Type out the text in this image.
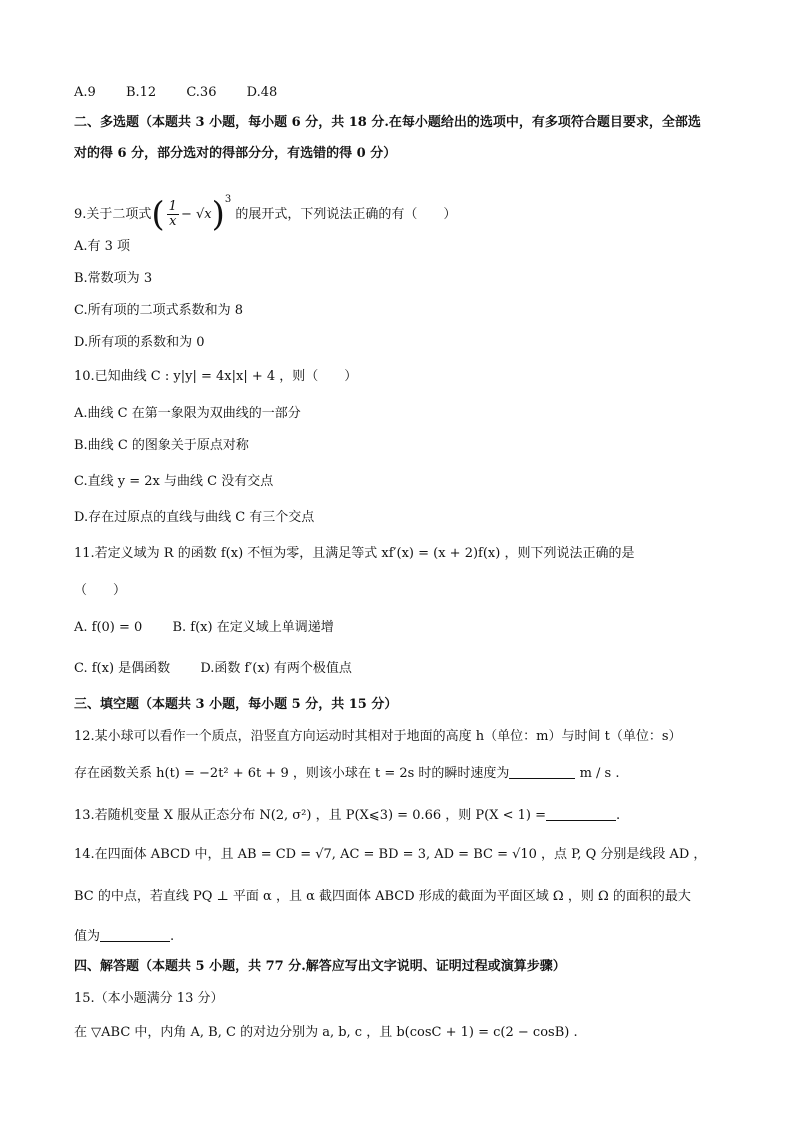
A.9 B.12 C.36 D.48
二、多选题（本题共 3 小题，每小题 6 分，共 18 分.在每小题给出的选项中，有多项符合题目要求，全部选
对的得 6 分，部分选对的得部分分，有选错的得 0 分）
9.关于二项式( $\frac{1}{x} - √x)^3$ 的展开式，下列说法正确的有（　　）
A.有 3 项
B.常数项为 3
C.所有项的二项式系数和为 8
D.所有项的系数和为 0
10.已知曲线 C : y|y| = 4x|x| + 4 ，则（　　）
A.曲线 C 在第一象限为双曲线的一部分
B.曲线 C 的图象关于原点对称
C.直线 y = 2x 与曲线 C 没有交点
D.存在过原点的直线与曲线 C 有三个交点
11.若定义域为 R 的函数 f(x) 不恒为零，且满足等式 xf′(x) = (x + 2)f(x) ，则下列说法正确的是
（　　）
A. f(0) = 0 B. f(x) 在定义域上单调递增
C. f(x) 是偶函数 D.函数 f′(x) 有两个极值点
三、填空题（本题共 3 小题，每小题 5 分，共 15 分）
12.某小球可以看作一个质点，沿竖直方向运动时其相对于地面的高度 h（单位：m）与时间 t（单位：s）
存在函数关系 h(t) = −2t² + 6t + 9 ，则该小球在 t = 2s 时的瞬时速度为	m / s .
13.若随机变量 X 服从正态分布 N(2, σ²) ，且 P(X⩽3) = 0.66 ，则 P(X < 1) =	.
14.在四面体 ABCD 中，且 AB = CD = √7, AC = BD = 3, AD = BC = √10 ，点 P, Q 分别是线段 AD ，
BC 的中点，若直线 PQ ⊥ 平面 α ，且 α 截四面体 ABCD 形成的截面为平面区域 Ω ，则 Ω 的面积的最大
值为	.
四、解答题（本题共 5 小题，共 77 分.解答应写出文字说明、证明过程或演算步骤）
15.（本小题满分 13 分）
在 ▽ABC 中，内角 A, B, C 的对边分别为 a, b, c ，且 b(cosC + 1) = c(2 − cosB) .
